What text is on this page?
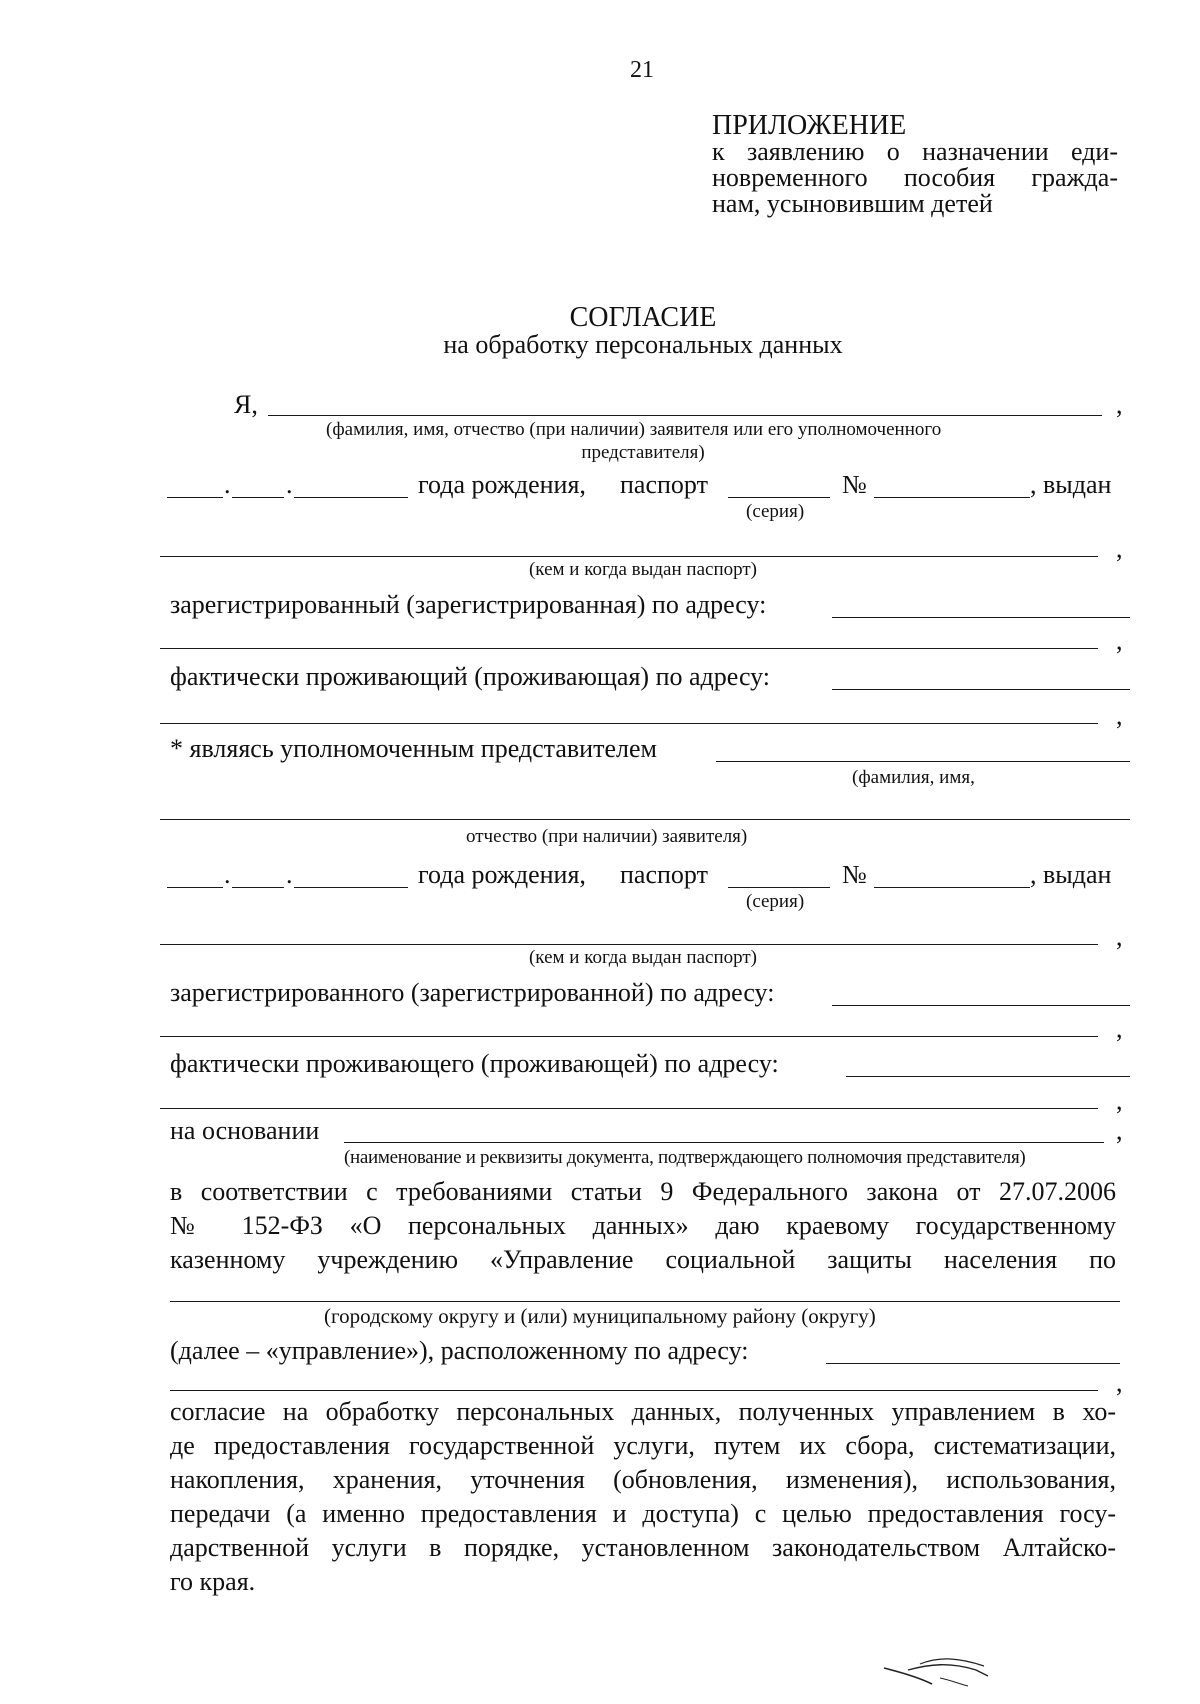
21
ПРИЛОЖЕНИЕ
к заявлению о назначении еди-
новременного пособия гражда-
нам, усыновившим детей
СОГЛАСИЕ
на обработку персональных данных
Я,	,
(фамилия, имя, отчество (при наличии) заявителя или его уполномоченного
представителя)
. .	года рождения, паспорт	№	, выдан
(серия)
,
(кем и когда выдан паспорт)
зарегистрированный (зарегистрированная) по адресу:
,
фактически проживающий (проживающая) по адресу:
,
* являясь уполномоченным представителем
(фамилия, имя,
отчество (при наличии) заявителя)
. .	года рождения, паспорт	№	, выдан
(серия)
,
(кем и когда выдан паспорт)
зарегистрированного (зарегистрированной) по адресу:
,
фактически проживающего (проживающей) по адресу:
,
на основании	,
(наименование и реквизиты документа, подтверждающего полномочия представителя)
в соответствии с требованиями статьи 9 Федерального закона от 27.07.2006
№ 152-ФЗ «О персональных данных» даю краевому государственному
казенному учреждению «Управление социальной защиты населения по
(городскому округу и (или) муниципальному району (округу)
(далее – «управление»), расположенному по адресу:
,
согласие на обработку персональных данных, полученных управлением в хо-
де предоставления государственной услуги, путем их сбора, систематизации,
накопления, хранения, уточнения (обновления, изменения), использования,
передачи (а именно предоставления и доступа) с целью предоставления госу-
дарственной услуги в порядке, установленном законодательством Алтайско-
го края.
